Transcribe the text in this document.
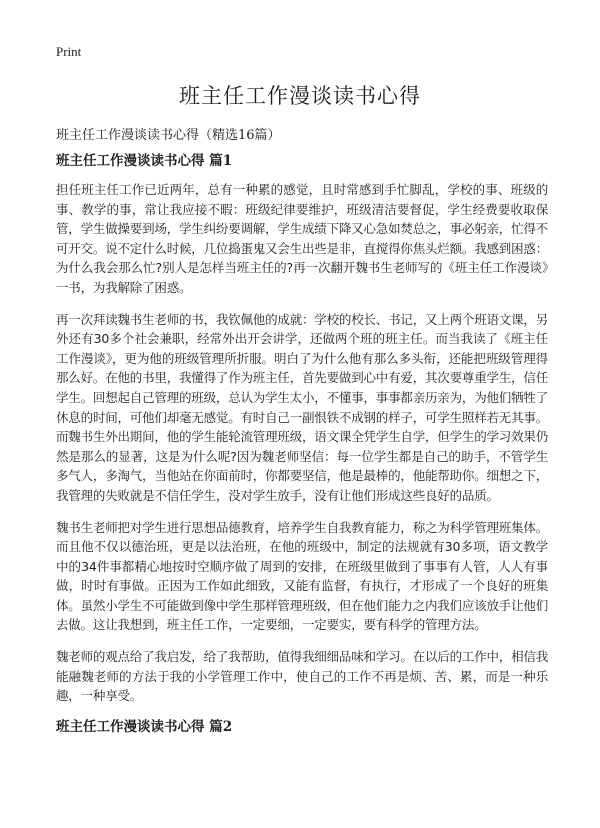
Print
班主任工作漫谈读书心得

班主任工作漫谈读书心得（精选16篇）

班主任工作漫谈读书心得 篇1

担任班主任工作已近两年，总有一种累的感觉，且时常感到手忙脚乱，学校的事、班级的事、教学的事，常让我应接不暇：班级纪律要维护，班级清洁要督促，学生经费要收取保管，学生做操要到场，学生纠纷要调解，学生成绩下降又心急如焚总之，事必躬亲，忙得不可开交。说不定什么时候，几位捣蛋鬼又会生出些是非，直搅得你焦头烂额。我感到困惑：为什么我会那么忙?别人是怎样当班主任的?再一次翻开魏书生老师写的《班主任工作漫谈》一书，为我解除了困惑。

再一次拜读魏书生老师的书，我钦佩他的成就：学校的校长、书记，又上两个班语文课，另外还有30多个社会兼职，经常外出开会讲学，还做两个班的班主任。而当我读了《班主任工作漫谈》，更为他的班级管理所折服。明白了为什么他有那么多头衔，还能把班级管理得那么好。在他的书里，我懂得了作为班主任，首先要做到心中有爱，其次要尊重学生，信任学生。回想起自己管理的班级，总认为学生太小，不懂事，事事都亲历亲为，为他们牺牲了休息的时间，可他们却毫无感觉。有时自己一副恨铁不成钢的样子，可学生照样若无其事。而魏书生外出期间，他的学生能轮流管理班级，语文课全凭学生自学，但学生的学习效果仍然是那么的显著，这是为什么呢?因为魏老师坚信：每一位学生都是自己的助手，不管学生多气人，多淘气，当他站在你面前时，你都要坚信，他是最棒的，他能帮助你。细想之下，我管理的失败就是不信任学生，没对学生放手，没有让他们形成这些良好的品质。

魏书生老师把对学生进行思想品德教育，培养学生自我教育能力，称之为科学管理班集体。而且他不仅以德治班，更是以法治班，在他的班级中，制定的法规就有30多项，语文教学中的34件事都精心地按时空顺序做了周到的安排，在班级里做到了事事有人管，人人有事做，时时有事做。正因为工作如此细致，又能有监督，有执行，才形成了一个良好的班集体。虽然小学生不可能做到像中学生那样管理班级，但在他们能力之内我们应该放手让他们去做。这让我想到，班主任工作，一定要细，一定要实，要有科学的管理方法。

魏老师的观点给了我启发，给了我帮助，值得我细细品味和学习。在以后的工作中，相信我能融魏老师的方法于我的小学管理工作中，使自己的工作不再是烦、苦、累，而是一种乐趣，一种享受。

班主任工作漫谈读书心得 篇2
